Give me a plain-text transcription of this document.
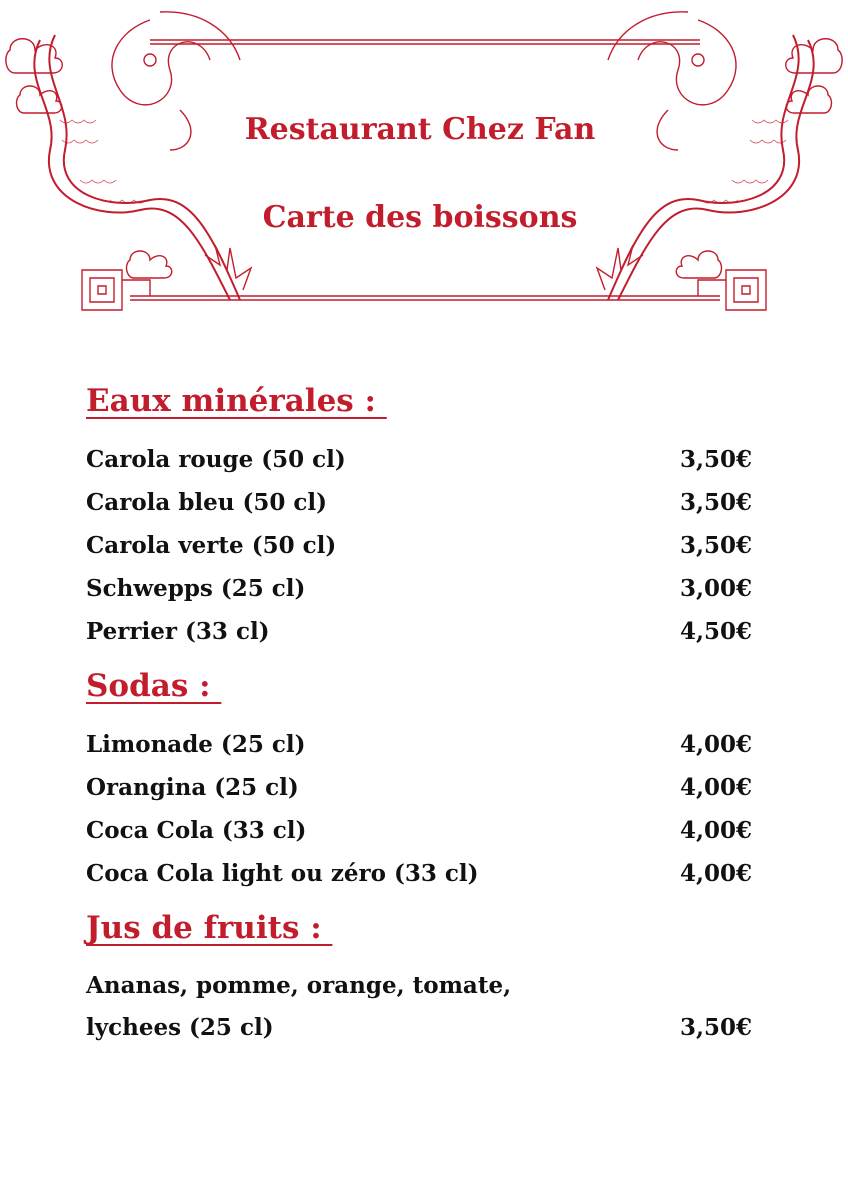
Restaurant Chez Fan
Carte des boissons
Eaux minérales :
Carola rouge (50 cl)	3,50€
Carola bleu (50 cl)	3,50€
Carola verte (50 cl)	3,50€
Schwepps (25 cl)	3,00€
Perrier (33 cl)	4,50€
Sodas :
Limonade (25 cl)	4,00€
Orangina (25 cl)	4,00€
Coca Cola (33 cl)	4,00€
Coca Cola light ou zéro (33 cl)	4,00€
Jus de fruits :
Ananas, pomme, orange, tomate, lychees (25 cl)	3,50€
